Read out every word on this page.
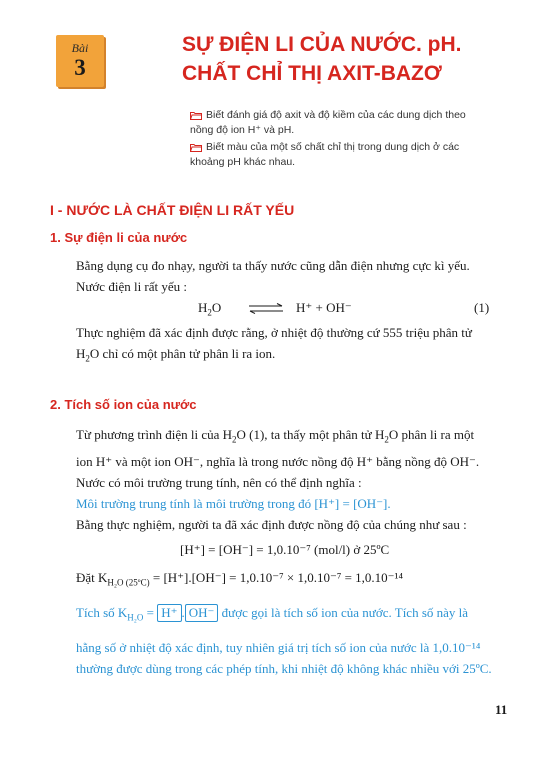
Bài
3
SỰ ĐIỆN LI CỦA NƯỚC. pH.
CHẤT CHỈ THỊ AXIT-BAZƠ
Biết đánh giá độ axit và độ kiềm của các dung dịch theo
nồng độ ion H⁺ và pH.
Biết màu của một số chất chỉ thị trong dung dịch ở các
khoảng pH khác nhau.
I - NƯỚC LÀ CHẤT ĐIỆN LI RẤT YẾU
1. Sự điện li của nước
Bằng dụng cụ đo nhạy, người ta thấy nước cũng dẫn điện nhưng cực kì yếu.
Nước điện li rất yếu :
$H_2O$ ⇌ H⁺ + OH⁻	(1)
Thực nghiệm đã xác định được rằng, ở nhiệt độ thường cứ 555 triệu phân tử
$H_2O$ chỉ có một phân tử phân li ra ion.
2. Tích số ion của nước
Từ phương trình điện li của $H_2O$ (1), ta thấy một phân tử $H_2O$ phân li ra một
ion H⁺ và một ion OH⁻, nghĩa là trong nước nồng độ H⁺ bằng nồng độ OH⁻.
Nước có môi trường trung tính, nên có thể định nghĩa :
Môi trường trung tính là môi trường trong đó [H⁺] = [OH⁻].
Bằng thực nghiệm, người ta đã xác định được nồng độ của chúng như sau :
[H⁺] = [OH⁻] = 1,0.10⁻⁷ (mol/l) ở 25ºC
Đặt $K_{H_2O (25ºC)} = [H^+].[OH^-] = 1,0.10^{-7} \times 1,0.10^{-7} = 1,0.10^{-14}$
Tích số $K_{H_2O} = H^+$ . OH⁻ được gọi là tích số ion của nước. Tích số này là
hằng số ở nhiệt độ xác định, tuy nhiên giá trị tích số ion của nước là 1,0.10⁻¹⁴
thường được dùng trong các phép tính, khi nhiệt độ không khác nhiều với 25ºC.
11
